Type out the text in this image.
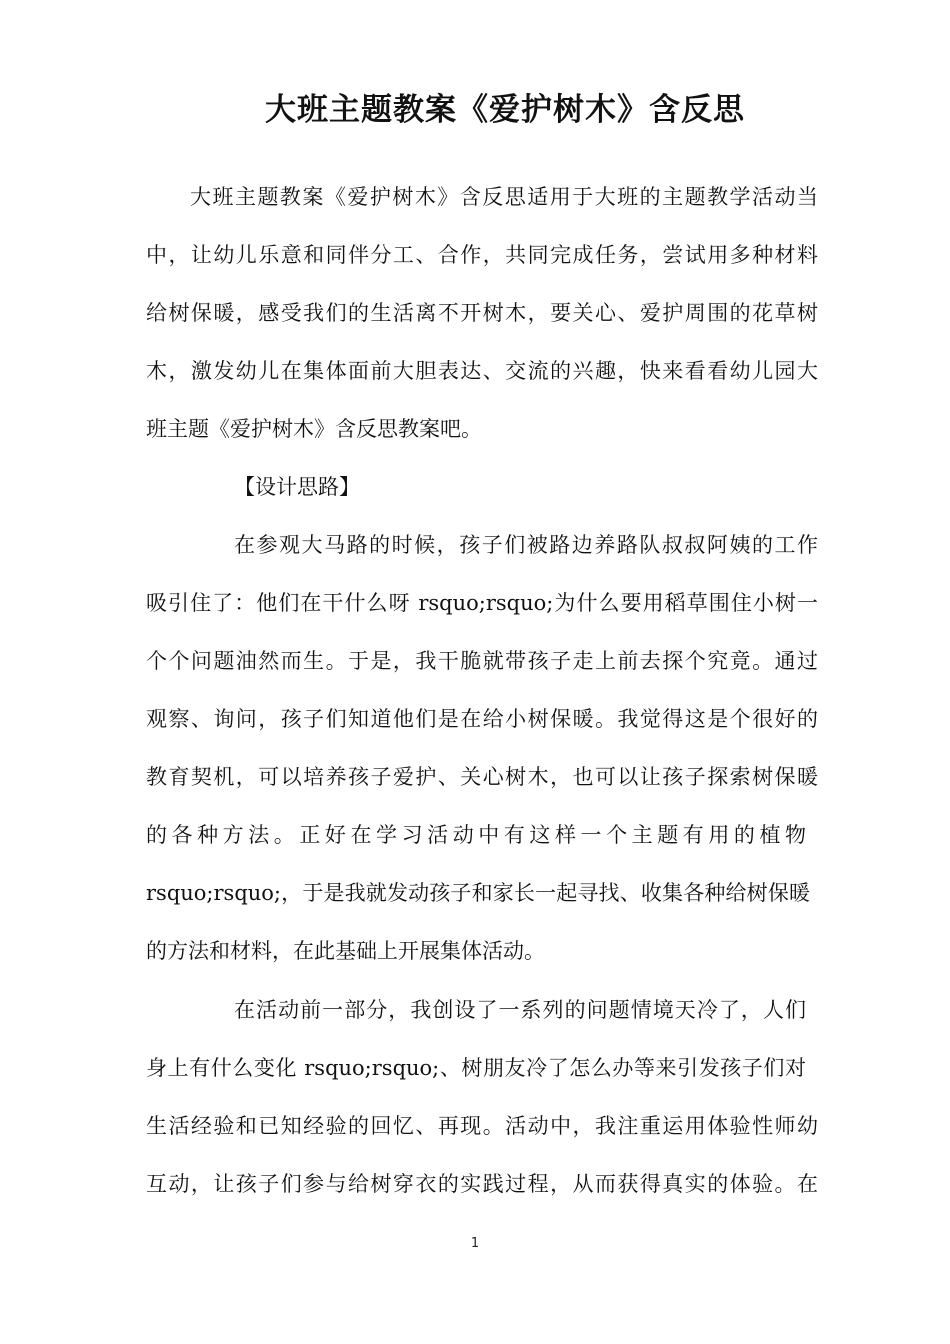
大班主题教案《爱护树木》含反思
大班主题教案《爱护树木》含反思适用于大班的主题教学活动当
中，让幼儿乐意和同伴分工、合作，共同完成任务，尝试用多种材料
给树保暖，感受我们的生活离不开树木，要关心、爱护周围的花草树
木，激发幼儿在集体面前大胆表达、交流的兴趣，快来看看幼儿园大
班主题《爱护树木》含反思教案吧。
【设计思路】
在参观大马路的时候，孩子们被路边养路队叔叔阿姨的工作
吸引住了：他们在干什么呀 rsquo;rsquo;为什么要用稻草围住小树一
个个问题油然而生。于是，我干脆就带孩子走上前去探个究竟。通过
观察、询问，孩子们知道他们是在给小树保暖。我觉得这是个很好的
教育契机，可以培养孩子爱护、关心树木，也可以让孩子探索树保暖
的各种方法。正好在学习活动中有这样一个主题有用的植物
rsquo;rsquo;，于是我就发动孩子和家长一起寻找、收集各种给树保暖
的方法和材料，在此基础上开展集体活动。
在活动前一部分，我创设了一系列的问题情境天冷了，人们
身上有什么变化 rsquo;rsquo;、树朋友冷了怎么办等来引发孩子们对
生活经验和已知经验的回忆、再现。活动中，我注重运用体验性师幼
互动，让孩子们参与给树穿衣的实践过程，从而获得真实的体验。在
1
